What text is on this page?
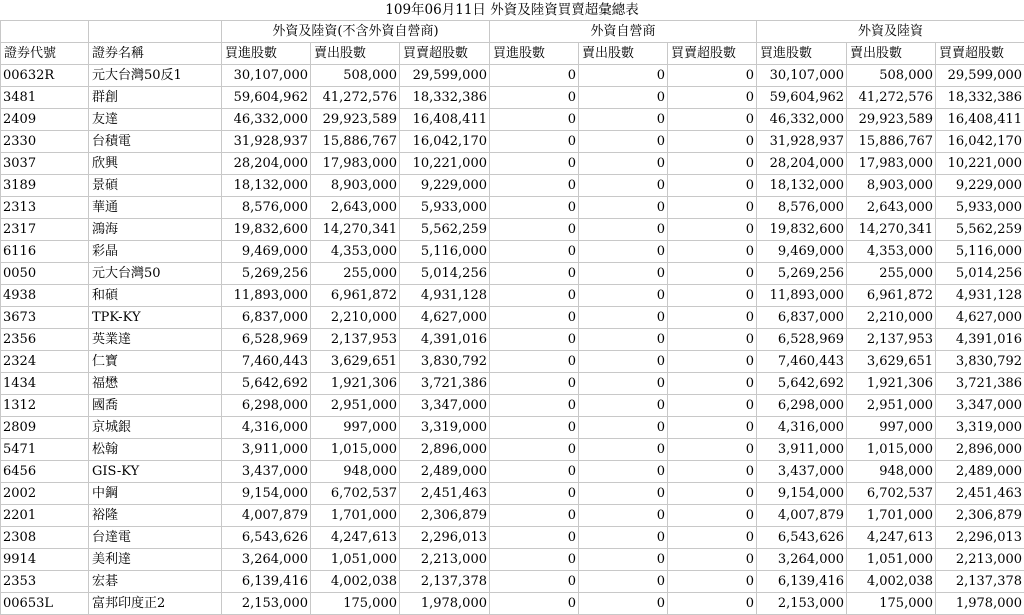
109年06月11日 外資及陸資買賣超彙總表
		外資及陸資(不含外資自營商)			外資自營商			外資及陸資		
證券代號	證券名稱	買進股數	賣出股數	買賣超股數	買進股數	賣出股數	買賣超股數	買進股數	賣出股數	買賣超股數
00632R	元大台灣50反1	30,107,000	508,000	29,599,000	0	0	0	30,107,000	508,000	29,599,000
3481	群創	59,604,962	41,272,576	18,332,386	0	0	0	59,604,962	41,272,576	18,332,386
2409	友達	46,332,000	29,923,589	16,408,411	0	0	0	46,332,000	29,923,589	16,408,411
2330	台積電	31,928,937	15,886,767	16,042,170	0	0	0	31,928,937	15,886,767	16,042,170
3037	欣興	28,204,000	17,983,000	10,221,000	0	0	0	28,204,000	17,983,000	10,221,000
3189	景碩	18,132,000	8,903,000	9,229,000	0	0	0	18,132,000	8,903,000	9,229,000
2313	華通	8,576,000	2,643,000	5,933,000	0	0	0	8,576,000	2,643,000	5,933,000
2317	鴻海	19,832,600	14,270,341	5,562,259	0	0	0	19,832,600	14,270,341	5,562,259
6116	彩晶	9,469,000	4,353,000	5,116,000	0	0	0	9,469,000	4,353,000	5,116,000
0050	元大台灣50	5,269,256	255,000	5,014,256	0	0	0	5,269,256	255,000	5,014,256
4938	和碩	11,893,000	6,961,872	4,931,128	0	0	0	11,893,000	6,961,872	4,931,128
3673	TPK-KY	6,837,000	2,210,000	4,627,000	0	0	0	6,837,000	2,210,000	4,627,000
2356	英業達	6,528,969	2,137,953	4,391,016	0	0	0	6,528,969	2,137,953	4,391,016
2324	仁寶	7,460,443	3,629,651	3,830,792	0	0	0	7,460,443	3,629,651	3,830,792
1434	福懋	5,642,692	1,921,306	3,721,386	0	0	0	5,642,692	1,921,306	3,721,386
1312	國喬	6,298,000	2,951,000	3,347,000	0	0	0	6,298,000	2,951,000	3,347,000
2809	京城銀	4,316,000	997,000	3,319,000	0	0	0	4,316,000	997,000	3,319,000
5471	松翰	3,911,000	1,015,000	2,896,000	0	0	0	3,911,000	1,015,000	2,896,000
6456	GIS-KY	3,437,000	948,000	2,489,000	0	0	0	3,437,000	948,000	2,489,000
2002	中鋼	9,154,000	6,702,537	2,451,463	0	0	0	9,154,000	6,702,537	2,451,463
2201	裕隆	4,007,879	1,701,000	2,306,879	0	0	0	4,007,879	1,701,000	2,306,879
2308	台達電	6,543,626	4,247,613	2,296,013	0	0	0	6,543,626	4,247,613	2,296,013
9914	美利達	3,264,000	1,051,000	2,213,000	0	0	0	3,264,000	1,051,000	2,213,000
2353	宏碁	6,139,416	4,002,038	2,137,378	0	0	0	6,139,416	4,002,038	2,137,378
00653L	富邦印度正2	2,153,000	175,000	1,978,000	0	0	0	2,153,000	175,000	1,978,000
